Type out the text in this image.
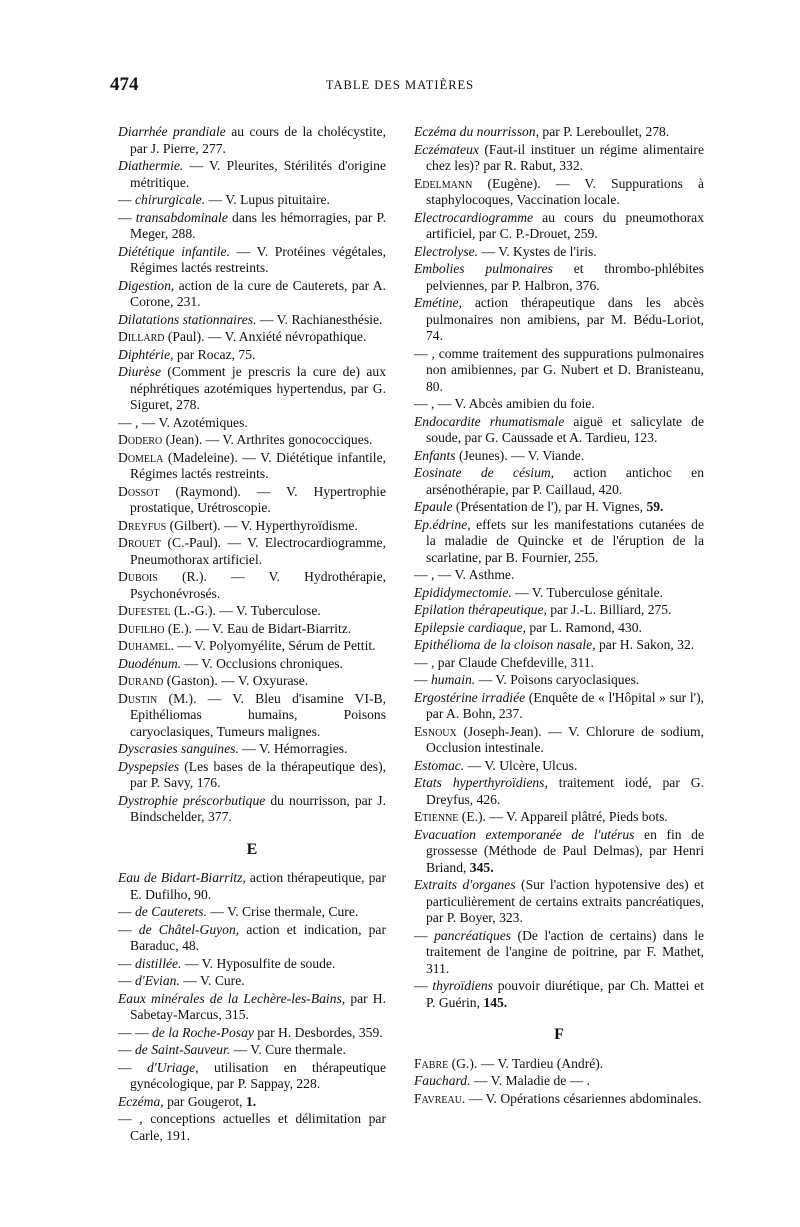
474	TABLE DES MATIÈRES
Diarrhée prandiale au cours de la cholécystite, par J. Pierre, 277.
Diathermie. — V. Pleurites, Stérilités d'origine métritique.
— chirurgicale. — V. Lupus pituitaire.
— transabdominale dans les hémorragies, par P. Meger, 288.
Diététique infantile. — V. Protéines végétales, Régimes lactés restreints.
Digestion, action de la cure de Cauterets, par A. Corone, 231.
Dilatations stationnaires. — V. Rachianesthésie.
Dillard (Paul). — V. Anxiété névropathique.
Diphtérie, par Rocaz, 75.
Diurèse (Comment je prescris la cure de) aux néphrétiques azotémiques hypertendus, par G. Siguret, 278.
— , — V. Azotémiques.
Dodero (Jean). — V. Arthrites gonococciques.
Domela (Madeleine). — V. Diététique infantile, Régimes lactés restreints.
Dossot (Raymond). — V. Hypertrophie prostatique, Urétroscopie.
Dreyfus (Gilbert). — V. Hyperthyroïdisme.
Drouet (C.-Paul). — V. Electrocardiogramme, Pneumothorax artificiel.
Dubois (R.). — V. Hydrothérapie, Psychonévrosés.
Dufestel (L.-G.). — V. Tuberculose.
Dufilho (E.). — V. Eau de Bidart-Biarritz.
Duhamel. — V. Polyomyélite, Sérum de Pettit.
Duodénum. — V. Occlusions chroniques.
Durand (Gaston). — V. Oxyurase.
Dustin (M.). — V. Bleu d'isamine VI-B, Epithéliomas humains, Poisons caryoclasiques, Tumeurs malignes.
Dyscrasies sanguines. — V. Hémorragies.
Dyspepsies (Les bases de la thérapeutique des), par P. Savy, 176.
Dystrophie préscorbutique du nourrisson, par J. Bindschelder, 377.
E
Eau de Bidart-Biarritz, action thérapeutique, par E. Dufilho, 90.
— de Cauterets. — V. Crise thermale, Cure.
— de Châtel-Guyon, action et indication, par Baraduc, 48.
— distillée. — V. Hyposulfite de soude.
— d'Evian. — V. Cure.
Eaux minérales de la Lechère-les-Bains, par H. Sabetay-Marcus, 315.
— — de la Roche-Posay par H. Desbordes, 359.
— de Saint-Sauveur. — V. Cure thermale.
— d'Uriage, utilisation en thérapeutique gynécologique, par P. Sappay, 228.
Eczéma, par Gougerot, 1.
— , conceptions actuelles et délimitation par Carle, 191.
Eczéma du nourrisson, par P. Lereboullet, 278.
Eczémateux (Faut-il instituer un régime alimentaire chez les)? par R. Rabut, 332.
Edelmann (Eugène). — V. Suppurations à staphylocoques, Vaccination locale.
Electrocardiogramme au cours du pneumothorax artificiel, par C. P.-Drouet, 259.
Electrolyse. — V. Kystes de l'iris.
Embolies pulmonaires et thrombo-phlébites pelviennes, par P. Halbron, 376.
Emétine, action thérapeutique dans les abcès pulmonaires non amibiens, par M. Bédu-Loriot, 74.
— , comme traitement des suppurations pulmonaires non amibiennes, par G. Nubert et D. Branisteanu, 80.
— , — V. Abcès amibien du foie.
Endocardite rhumatismale aiguë et salicylate de soude, par G. Caussade et A. Tardieu, 123.
Enfants (Jeunes). — V. Viande.
Eosinate de césium, action antichoc en arsénothérapie, par P. Caillaud, 420.
Epaule (Présentation de l'), par H. Vignes, 59.
Ep.édrine, effets sur les manifestations cutanées de la maladie de Quincke et de l'éruption de la scarlatine, par B. Fournier, 255.
— , — V. Asthme.
Epididymectomie. — V. Tuberculose génitale.
Epilation thérapeutique, par J.-L. Billiard, 275.
Epilepsie cardiaque, par L. Ramond, 430.
Epithélioma de la cloison nasale, par H. Sakon, 32.
— , par Claude Chefdeville, 311.
— humain. — V. Poisons caryoclasiques.
Ergostérine irradiée (Enquête de « l'Hôpital » sur l'), par A. Bohn, 237.
Esnoux (Joseph-Jean). — V. Chlorure de sodium, Occlusion intestinale.
Estomac. — V. Ulcère, Ulcus.
Etats hyperthyroïdiens, traitement iodé, par G. Dreyfus, 426.
Etienne (E.). — V. Appareil plâtré, Pieds bots.
Evacuation extemporanée de l'utérus en fin de grossesse (Méthode de Paul Delmas), par Henri Briand, 345.
Extraits d'organes (Sur l'action hypotensive des) et particulièrement de certains extraits pancréatiques, par P. Boyer, 323.
— pancréatiques (De l'action de certains) dans le traitement de l'angine de poitrine, par F. Mathet, 311.
— thyroïdiens pouvoir diurétique, par Ch. Mattei et P. Guérin, 145.
F
Fabre (G.). — V. Tardieu (André).
Fauchard. — V. Maladie de — .
Favreau. — V. Opérations césariennes abdominales.
